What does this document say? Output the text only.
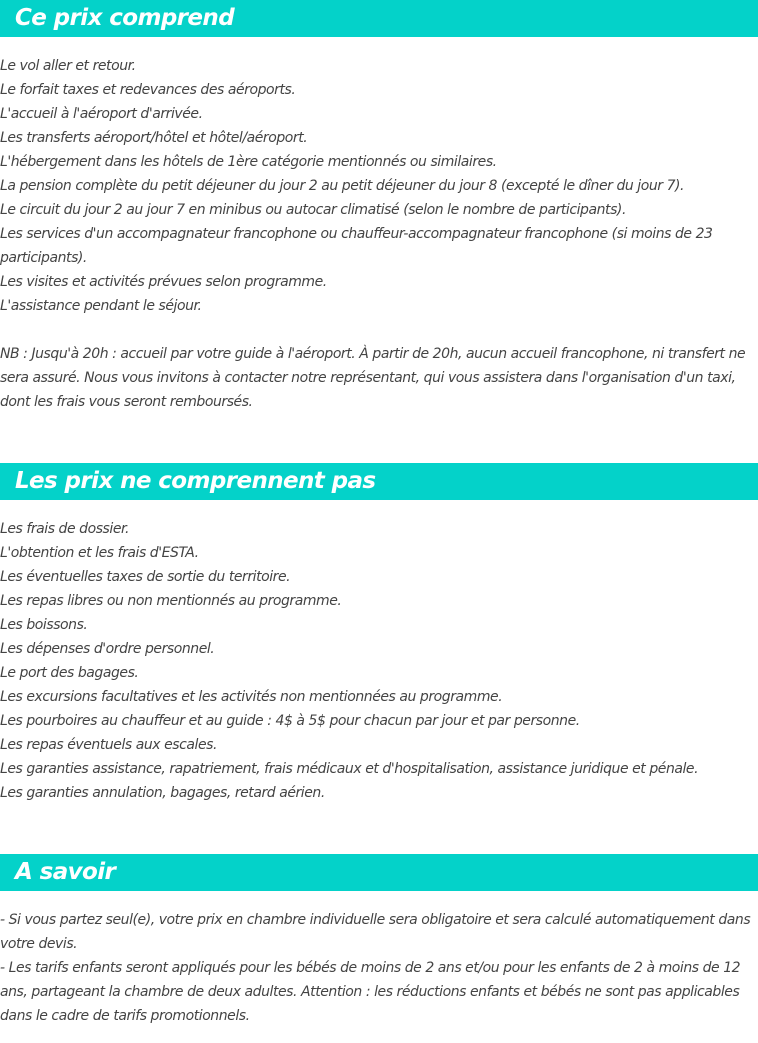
Ce prix comprend
Le vol aller et retour.
Le forfait taxes et redevances des aéroports.
L'accueil à l'aéroport d'arrivée.
Les transferts aéroport/hôtel et hôtel/aéroport.
L'hébergement dans les hôtels de 1ère catégorie mentionnés ou similaires.
La pension complète du petit déjeuner du jour 2 au petit déjeuner du jour 8 (excepté le dîner du jour 7).
Le circuit du jour 2 au jour 7 en minibus ou autocar climatisé (selon le nombre de participants).
Les services d'un accompagnateur francophone ou chauffeur-accompagnateur francophone (si moins de 23 participants).
Les visites et activités prévues selon programme.
L'assistance pendant le séjour.
NB : Jusqu'à 20h : accueil par votre guide à l'aéroport. À partir de 20h, aucun accueil francophone, ni transfert ne sera assuré. Nous vous invitons à contacter notre représentant, qui vous assistera dans l'organisation d'un taxi, dont les frais vous seront remboursés.
Les prix ne comprennent pas
Les frais de dossier.
L'obtention et les frais d'ESTA.
Les éventuelles taxes de sortie du territoire.
Les repas libres ou non mentionnés au programme.
Les boissons.
Les dépenses d'ordre personnel.
Le port des bagages.
Les excursions facultatives et les activités non mentionnées au programme.
Les pourboires au chauffeur et au guide : 4$ à 5$ pour chacun par jour et par personne.
Les repas éventuels aux escales.
Les garanties assistance, rapatriement, frais médicaux et d'hospitalisation, assistance juridique et pénale.
Les garanties annulation, bagages, retard aérien.
A savoir
- Si vous partez seul(e), votre prix en chambre individuelle sera obligatoire et sera calculé automatiquement dans votre devis.
- Les tarifs enfants seront appliqués pour les bébés de moins de 2 ans et/ou pour les enfants de 2 à moins de 12 ans, partageant la chambre de deux adultes. Attention : les réductions enfants et bébés ne sont pas applicables dans le cadre de tarifs promotionnels.
